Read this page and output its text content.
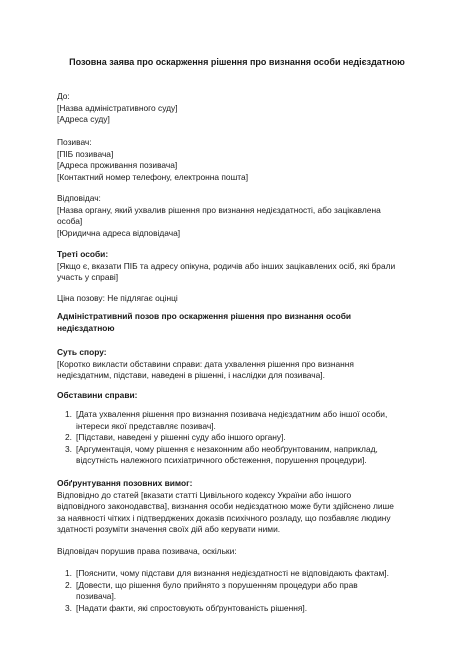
Позовна заява про оскарження рішення про визнання особи недієздатною
До:
[Назва адміністративного суду]
[Адреса суду]
Позивач:
[ПІБ позивача]
[Адреса проживання позивача]
[Контактний номер телефону, електронна пошта]
Відповідач:
[Назва органу, який ухвалив рішення про визнання недієздатності, або зацікавлена
особа]
[Юридична адреса відповідача]
Треті особи:
[Якщо є, вказати ПІБ та адресу опікуна, родичів або інших зацікавлених осіб, які брали
участь у справі]
Ціна позову: Не підлягає оцінці
Адміністративний позов про оскарження рішення про визнання особи
недієздатною
Суть спору:
[Коротко викласти обставини справи: дата ухвалення рішення про визнання
недієздатним, підстави, наведені в рішенні, і наслідки для позивача].
Обставини справи:
1. [Дата ухвалення рішення про визнання позивача недієздатним або іншої особи,
інтереси якої представляє позивач].
2. [Підстави, наведені у рішенні суду або іншого органу].
3. [Аргументація, чому рішення є незаконним або необґрунтованим, наприклад,
відсутність належного психіатричного обстеження, порушення процедури].
Обґрунтування позовних вимог:
Відповідно до статей [вказати статті Цивільного кодексу України або іншого
відповідного законодавства], визнання особи недієздатною може бути здійснено лише
за наявності чітких і підтверджених доказів психічного розладу, що позбавляє людину
здатності розуміти значення своїх дій або керувати ними.
Відповідач порушив права позивача, оскільки:
1. [Пояснити, чому підстави для визнання недієздатності не відповідають фактам].
2. [Довести, що рішення було прийнято з порушенням процедури або прав
позивача].
3. [Надати факти, які спростовують обґрунтованість рішення].
